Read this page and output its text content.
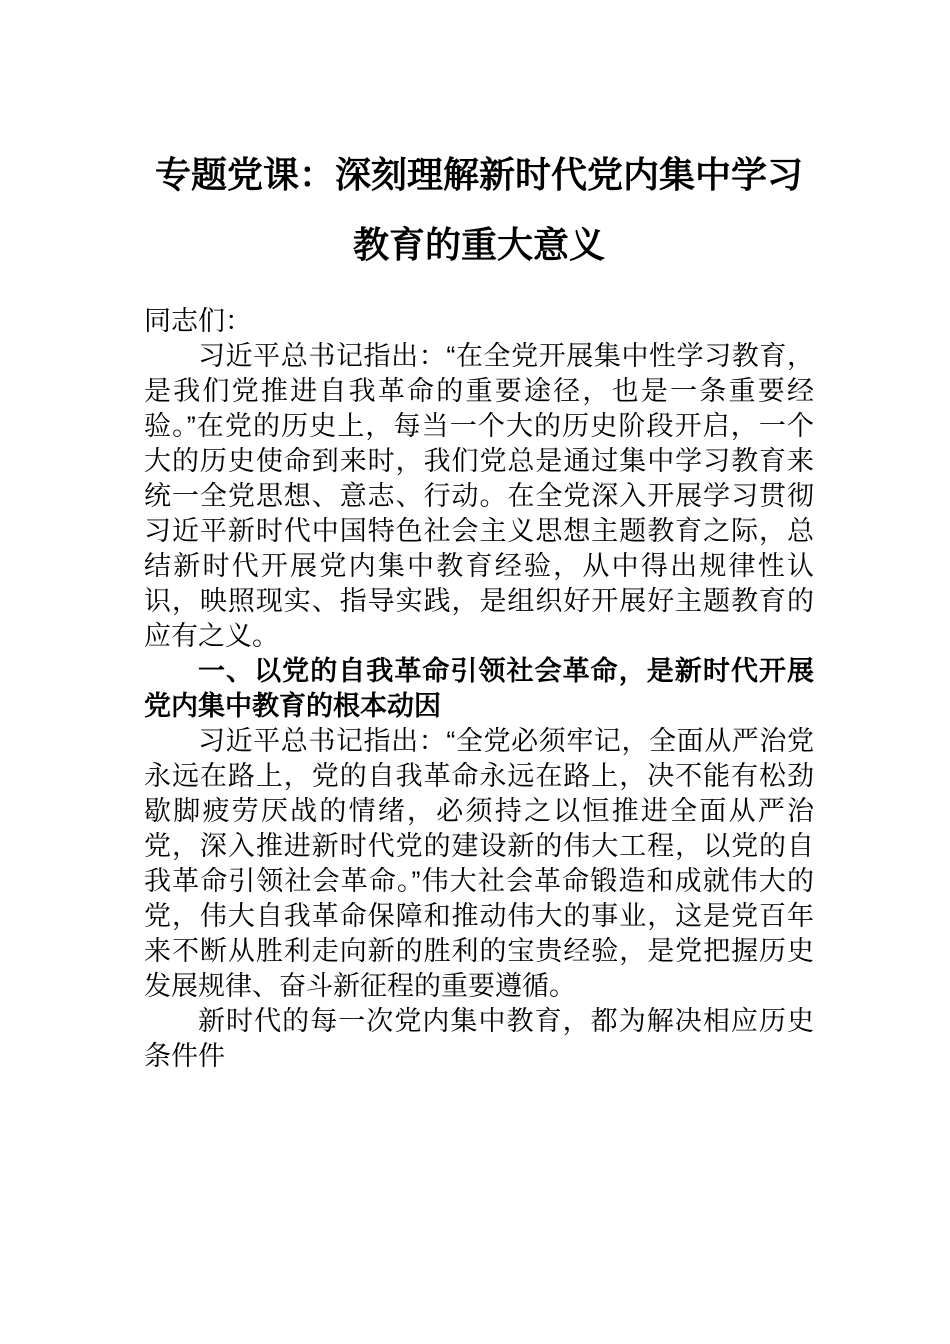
专题党课：深刻理解新时代党内集中学习
教育的重大意义

同志们：

习近平总书记指出：“在全党开展集中性学习教育，是我们党推进自我革命的重要途径，也是一条重要经验。”在党的历史上，每当一个大的历史阶段开启，一个大的历史使命到来时，我们党总是通过集中学习教育来统一全党思想、意志、行动。在全党深入开展学习贯彻习近平新时代中国特色社会主义思想主题教育之际，总结新时代开展党内集中教育经验，从中得出规律性认识，映照现实、指导实践，是组织好开展好主题教育的应有之义。

一、以党的自我革命引领社会革命，是新时代开展党内集中教育的根本动因

习近平总书记指出：“全党必须牢记，全面从严治党永远在路上，党的自我革命永远在路上，决不能有松劲歇脚疲劳厌战的情绪，必须持之以恒推进全面从严治党，深入推进新时代党的建设新的伟大工程，以党的自我革命引领社会革命。”伟大社会革命锻造和成就伟大的党，伟大自我革命保障和推动伟大的事业，这是党百年来不断从胜利走向新的胜利的宝贵经验，是党把握历史发展规律、奋斗新征程的重要遵循。

新时代的每一次党内集中教育，都为解决相应历史条件件
